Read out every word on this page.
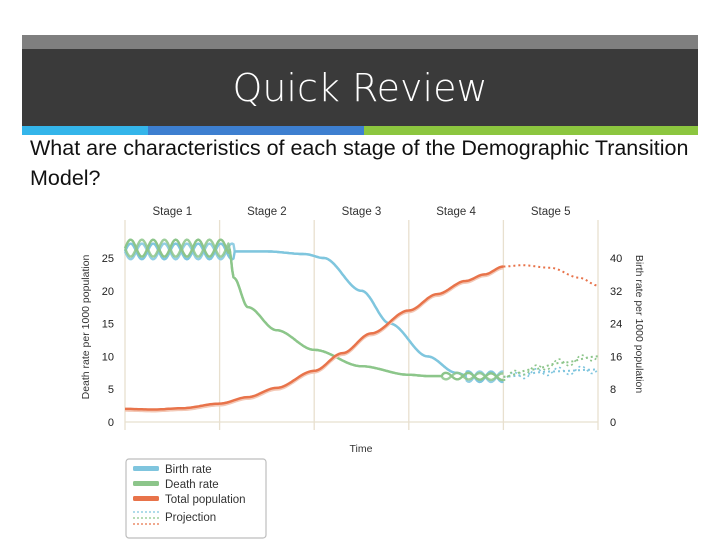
Quick Review
What are characteristics of each stage of the Demographic Transition Model?
Stage 1	Stage 2	Stage 3	Stage 4	Stage 5
0
5
10
15
20
25
0
8
16
24
32
40
Death rate per 1000 population	Birth rate per 1000 population
Time
Birth rate
Death rate
Total population
Projection
